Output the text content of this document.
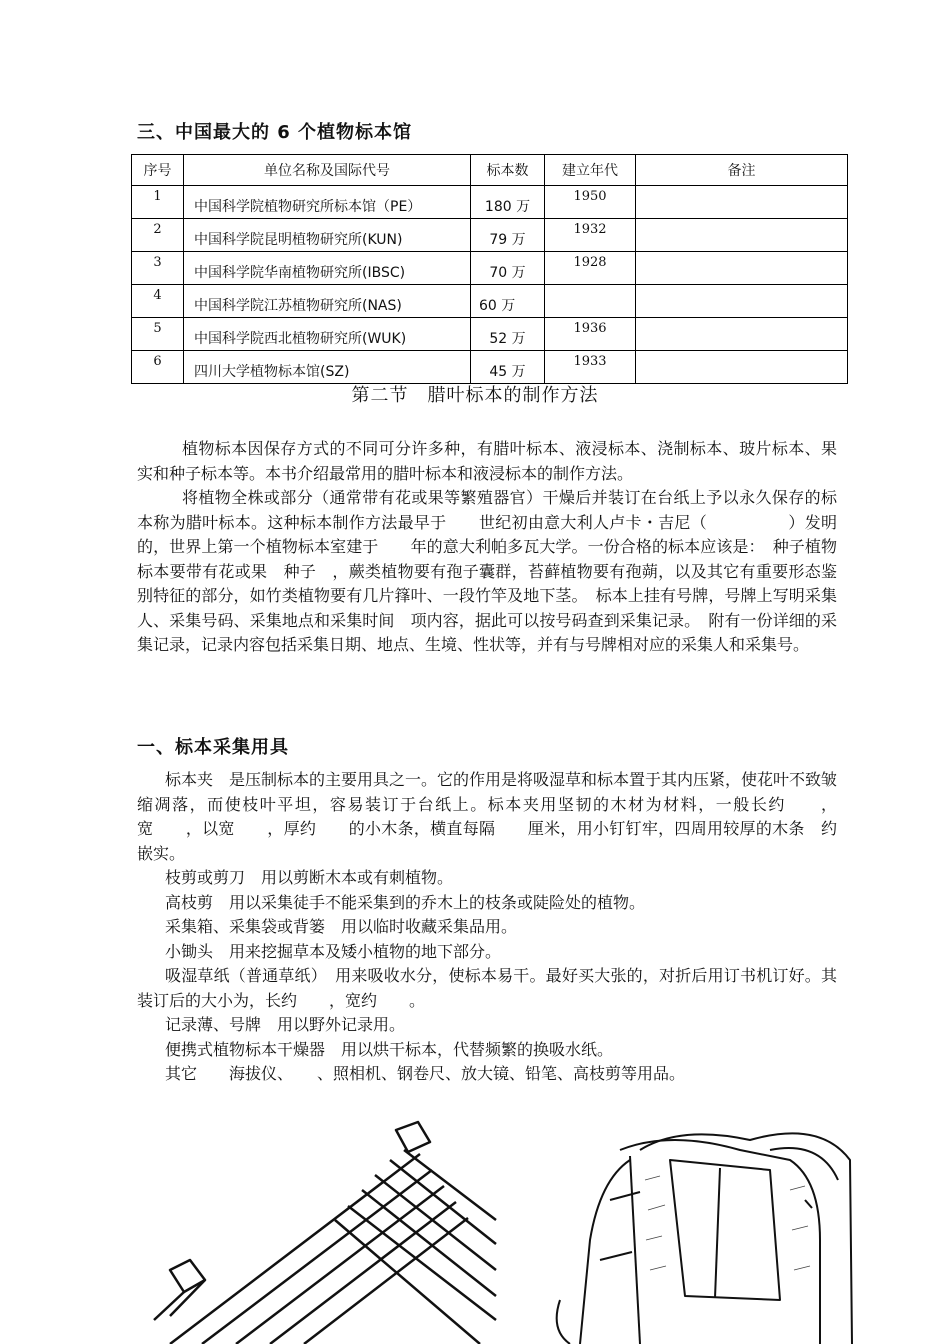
三、中国最大的 6 个植物标本馆
序号	单位名称及国际代号	标本数	建立年代	备注
1	中国科学院植物研究所标本馆（PE）	180 万	1950	
2	中国科学院昆明植物研究所(KUN)	79 万	1932	
3	中国科学院华南植物研究所(IBSC)	70 万	1928	
4	中国科学院江苏植物研究所(NAS)	60 万		
5	中国科学院西北植物研究所(WUK)	52 万	1936	
6	四川大学植物标本馆(SZ)	45 万	1933	
第二节　腊叶标本的制作方法

植物标本因保存方式的不同可分许多种，有腊叶标本、液浸标本、浇制标本、玻片标本、果实和种子标本等。本书介绍最常用的腊叶标本和液浸标本的制作方法。

将植物全株或部分（通常带有花或果等繁殖器官）干燥后并装订在台纸上予以永久保存的标本称为腊叶标本。这种标本制作方法最早于　　世纪初由意大利人卢卡・吉尼（　　　　　）发明的，世界上第一个植物标本室建于　　年的意大利帕多瓦大学。一份合格的标本应该是：　种子植物标本要带有花或果　种子　，蕨类植物要有孢子囊群，苔藓植物要有孢蒴，以及其它有重要形态鉴别特征的部分，如竹类植物要有几片箨叶、一段竹竿及地下茎。　标本上挂有号牌，号牌上写明采集人、采集号码、采集地点和采集时间　项内容，据此可以按号码查到采集记录。　附有一份详细的采集记录，记录内容包括采集日期、地点、生境、性状等，并有与号牌相对应的采集人和采集号。

一、标本采集用具

标本夹　是压制标本的主要用具之一。它的作用是将吸湿草和标本置于其内压紧，使花叶不致皱缩凋落，而使枝叶平坦，容易装订于台纸上。标本夹用坚韧的木材为材料，一般长约　　，宽　　，以宽　　，厚约　　的小木条，横直每隔　　厘米，用小钉钉牢，四周用较厚的木条　约　　嵌实。

枝剪或剪刀　用以剪断木本或有刺植物。

高枝剪　用以采集徒手不能采集到的乔木上的枝条或陡险处的植物。

采集箱、采集袋或背篓　用以临时收藏采集品用。

小锄头　用来挖掘草本及矮小植物的地下部分。

吸湿草纸（普通草纸）　用来吸收水分，使标本易干。最好买大张的，对折后用订书机订好。其装订后的大小为，长约　　，宽约　　。

记录薄、号牌　用以野外记录用。

便携式植物标本干燥器　用以烘干标本，代替频繁的换吸水纸。

其它　　海拔仪、　　、照相机、钢卷尺、放大镜、铅笔、高枝剪等用品。
